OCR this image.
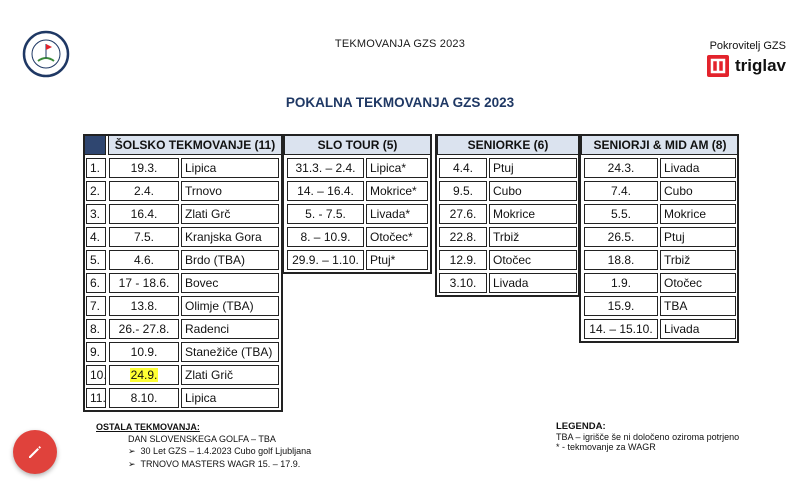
TEKMOVANJA GZS 2023	Pokrovitelj GZS
triglav
POKALNA TEKMOVANJA GZS 2023
ŠOLSKO TEKMOVANJE (11)	SLO TOUR (5)	SENIORKE (6)	SENIORJI & MID AM (8)
1.	19.3.	Lipica
2.	2.4.	Trnovo
3.	16.4.	Zlati Grč
4.	7.5.	Kranjska Gora
5.	4.6.	Brdo (TBA)
6.	17 - 18.6.	Bovec
7.	13.8.	Olimje (TBA)
8.	26.- 27.8.	Radenci
9.	10.9.	Stanežiče (TBA)
10. 24.9.	Zlati Grič
11.	8.10.	Lipica
31.3. – 2.4.	Lipica*
14. – 16.4.	Mokrice*
5. - 7.5.	Livada*
8. – 10.9.	Otočec*
29.9. – 1.10. Ptuj*
4.4.	Ptuj
9.5.	Cubo
27.6.	Mokrice
22.8.	Trbiž
12.9.	Otočec
3.10.	Livada
24.3.	Livada
7.4.	Cubo
5.5.	Mokrice
26.5.	Ptuj
18.8.	Trbiž
1.9.	Otočec
15.9.	TBA
14. – 15.10. Livada
OSTALA TEKMOVANJA:
DAN SLOVENSKEGA GOLFA – TBA
➢  30 Let GZS – 1.4.2023 Cubo golf Ljubljana
➢  TRNOVO MASTERS WAGR 15. – 17.9.
LEGENDA:
TBA – igrišče še ni določeno oziroma potrjeno
* - tekmovanje za WAGR
